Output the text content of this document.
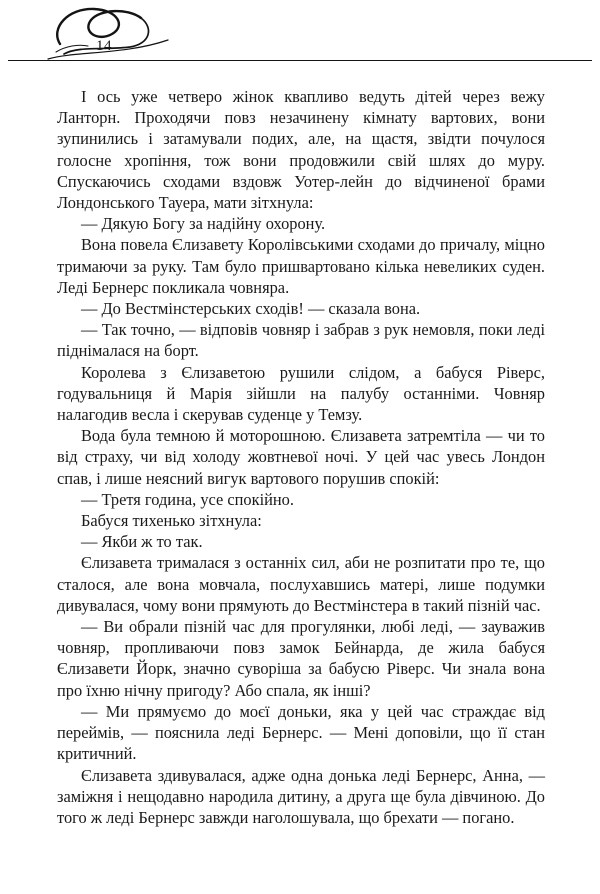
14

І ось уже четверо жінок квапливо ведуть дітей через вежу Ланторн. Проходячи повз незачинену кімнату вартових, вони зупинились і затамували подих, але, на щастя, звідти почулося голосне хропіння, тож вони продовжили свій шлях до муру. Спускаючись сходами вздовж Уотер-лейн до відчиненої брами Лондонського Тауера, мати зітхнула:

— Дякую Богу за надійну охорону.

Вона повела Єлизавету Королівськими сходами до причалу, міцно тримаючи за руку. Там було пришвартовано кілька невеликих суден. Леді Бернерс покликала човняра.

— До Вестмінстерських сходів! — сказала вона.

— Так точно, — відповів човняр і забрав з рук немовля, поки леді піднімалася на борт.

Королева з Єлизаветою рушили слідом, а бабуся Ріверс, годувальниця й Марія зійшли на палубу останніми. Човняр налагодив весла і скерував суденце у Темзу.

Вода була темною й моторошною. Єлизавета затремтіла — чи то від страху, чи від холоду жовтневої ночі. У цей час увесь Лондон спав, і лише неясний вигук вартового порушив спокій:

— Третя година, усе спокійно.

Бабуся тихенько зітхнула:

— Якби ж то так.

Єлизавета трималася з останніх сил, аби не розпитати про те, що сталося, але вона мовчала, послухавшись матері, лише подумки дивувалася, чому вони прямують до Вестмінстера в такий пізній час.

— Ви обрали пізній час для прогулянки, любі леді, — зауважив човняр, пропливаючи повз замок Бейнарда, де жила бабуся Єлизавети Йорк, значно суворіша за бабусю Ріверс. Чи знала вона про їхню нічну пригоду? Або спала, як інші?

— Ми прямуємо до моєї доньки, яка у цей час страждає від переймів, — пояснила леді Бернерс. — Мені доповіли, що її стан критичний.

Єлизавета здивувалася, адже одна донька леді Бернерс, Анна, — заміжня і нещодавно народила дитину, а друга ще була дівчиною. До того ж леді Бернерс завжди наголошувала, що брехати — погано.
